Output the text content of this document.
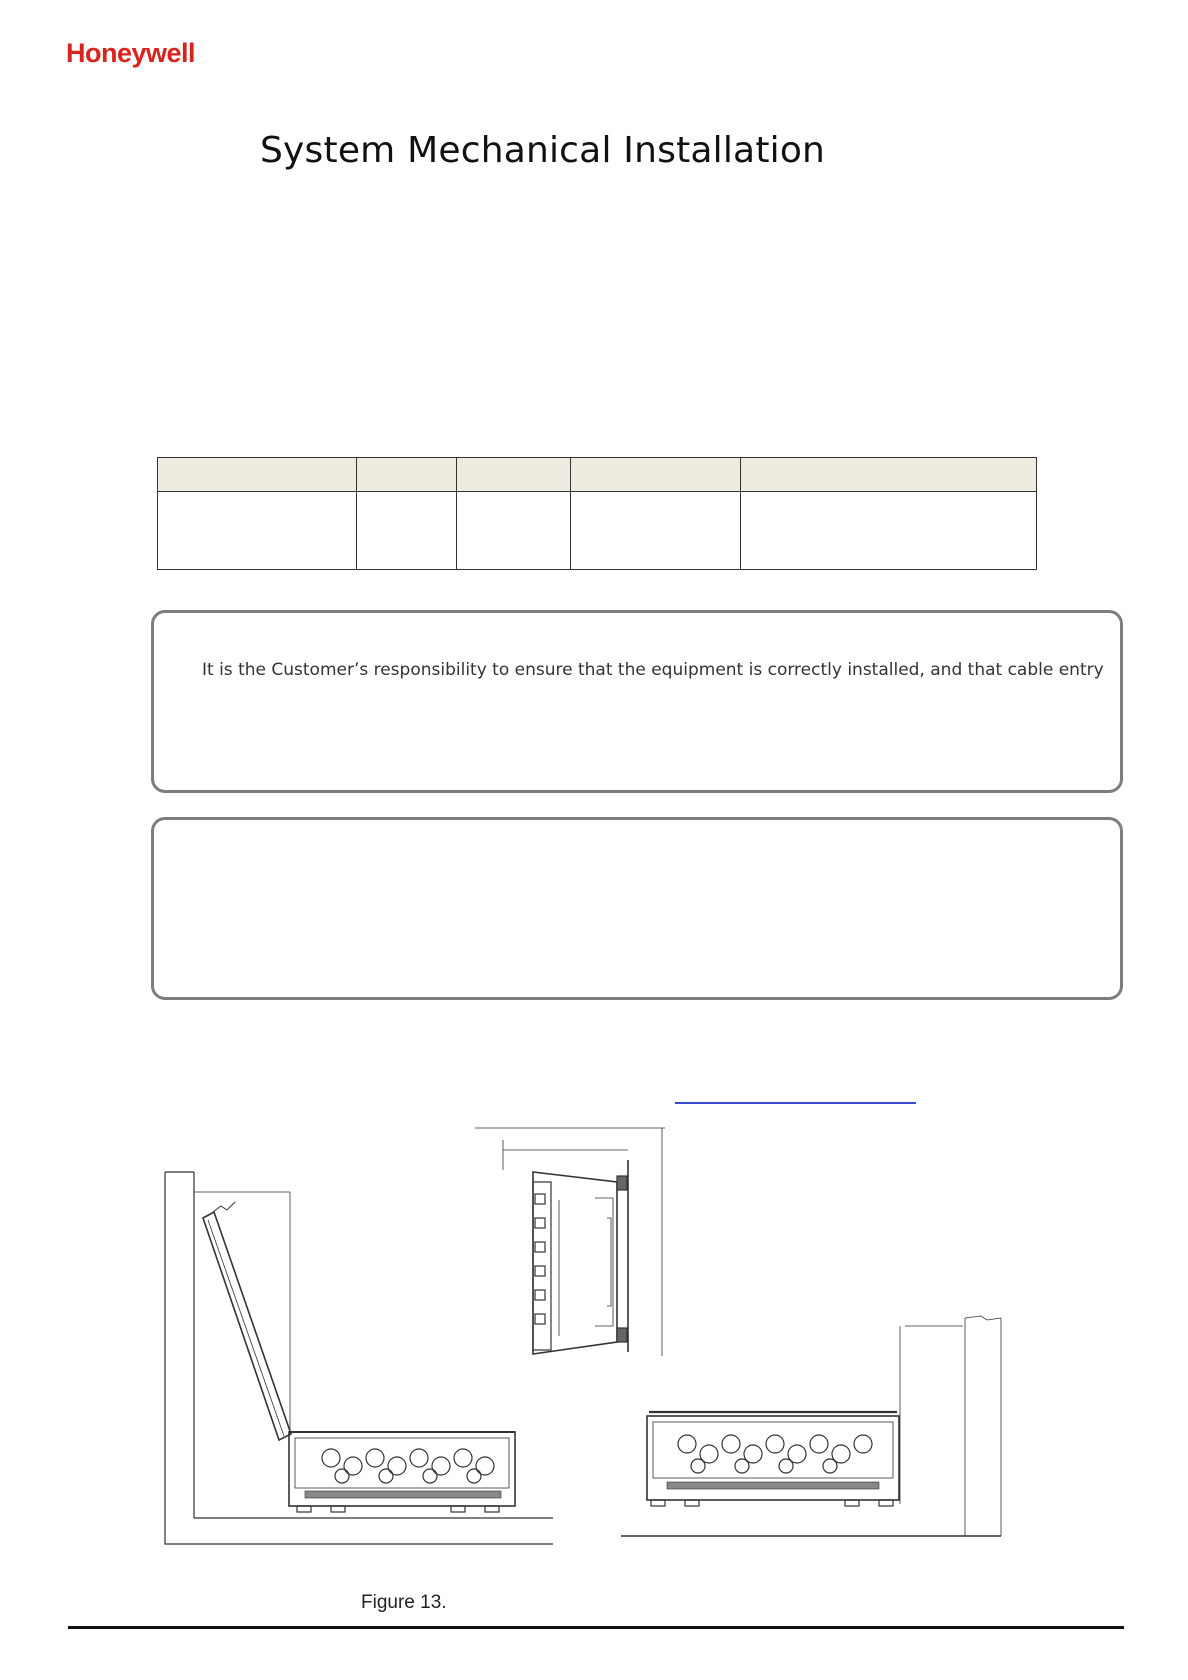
Honeywell
System Mechanical Installation

It is the Customer’s responsibility to ensure that the equipment is correctly installed, and that cable entry
Figure 13.
